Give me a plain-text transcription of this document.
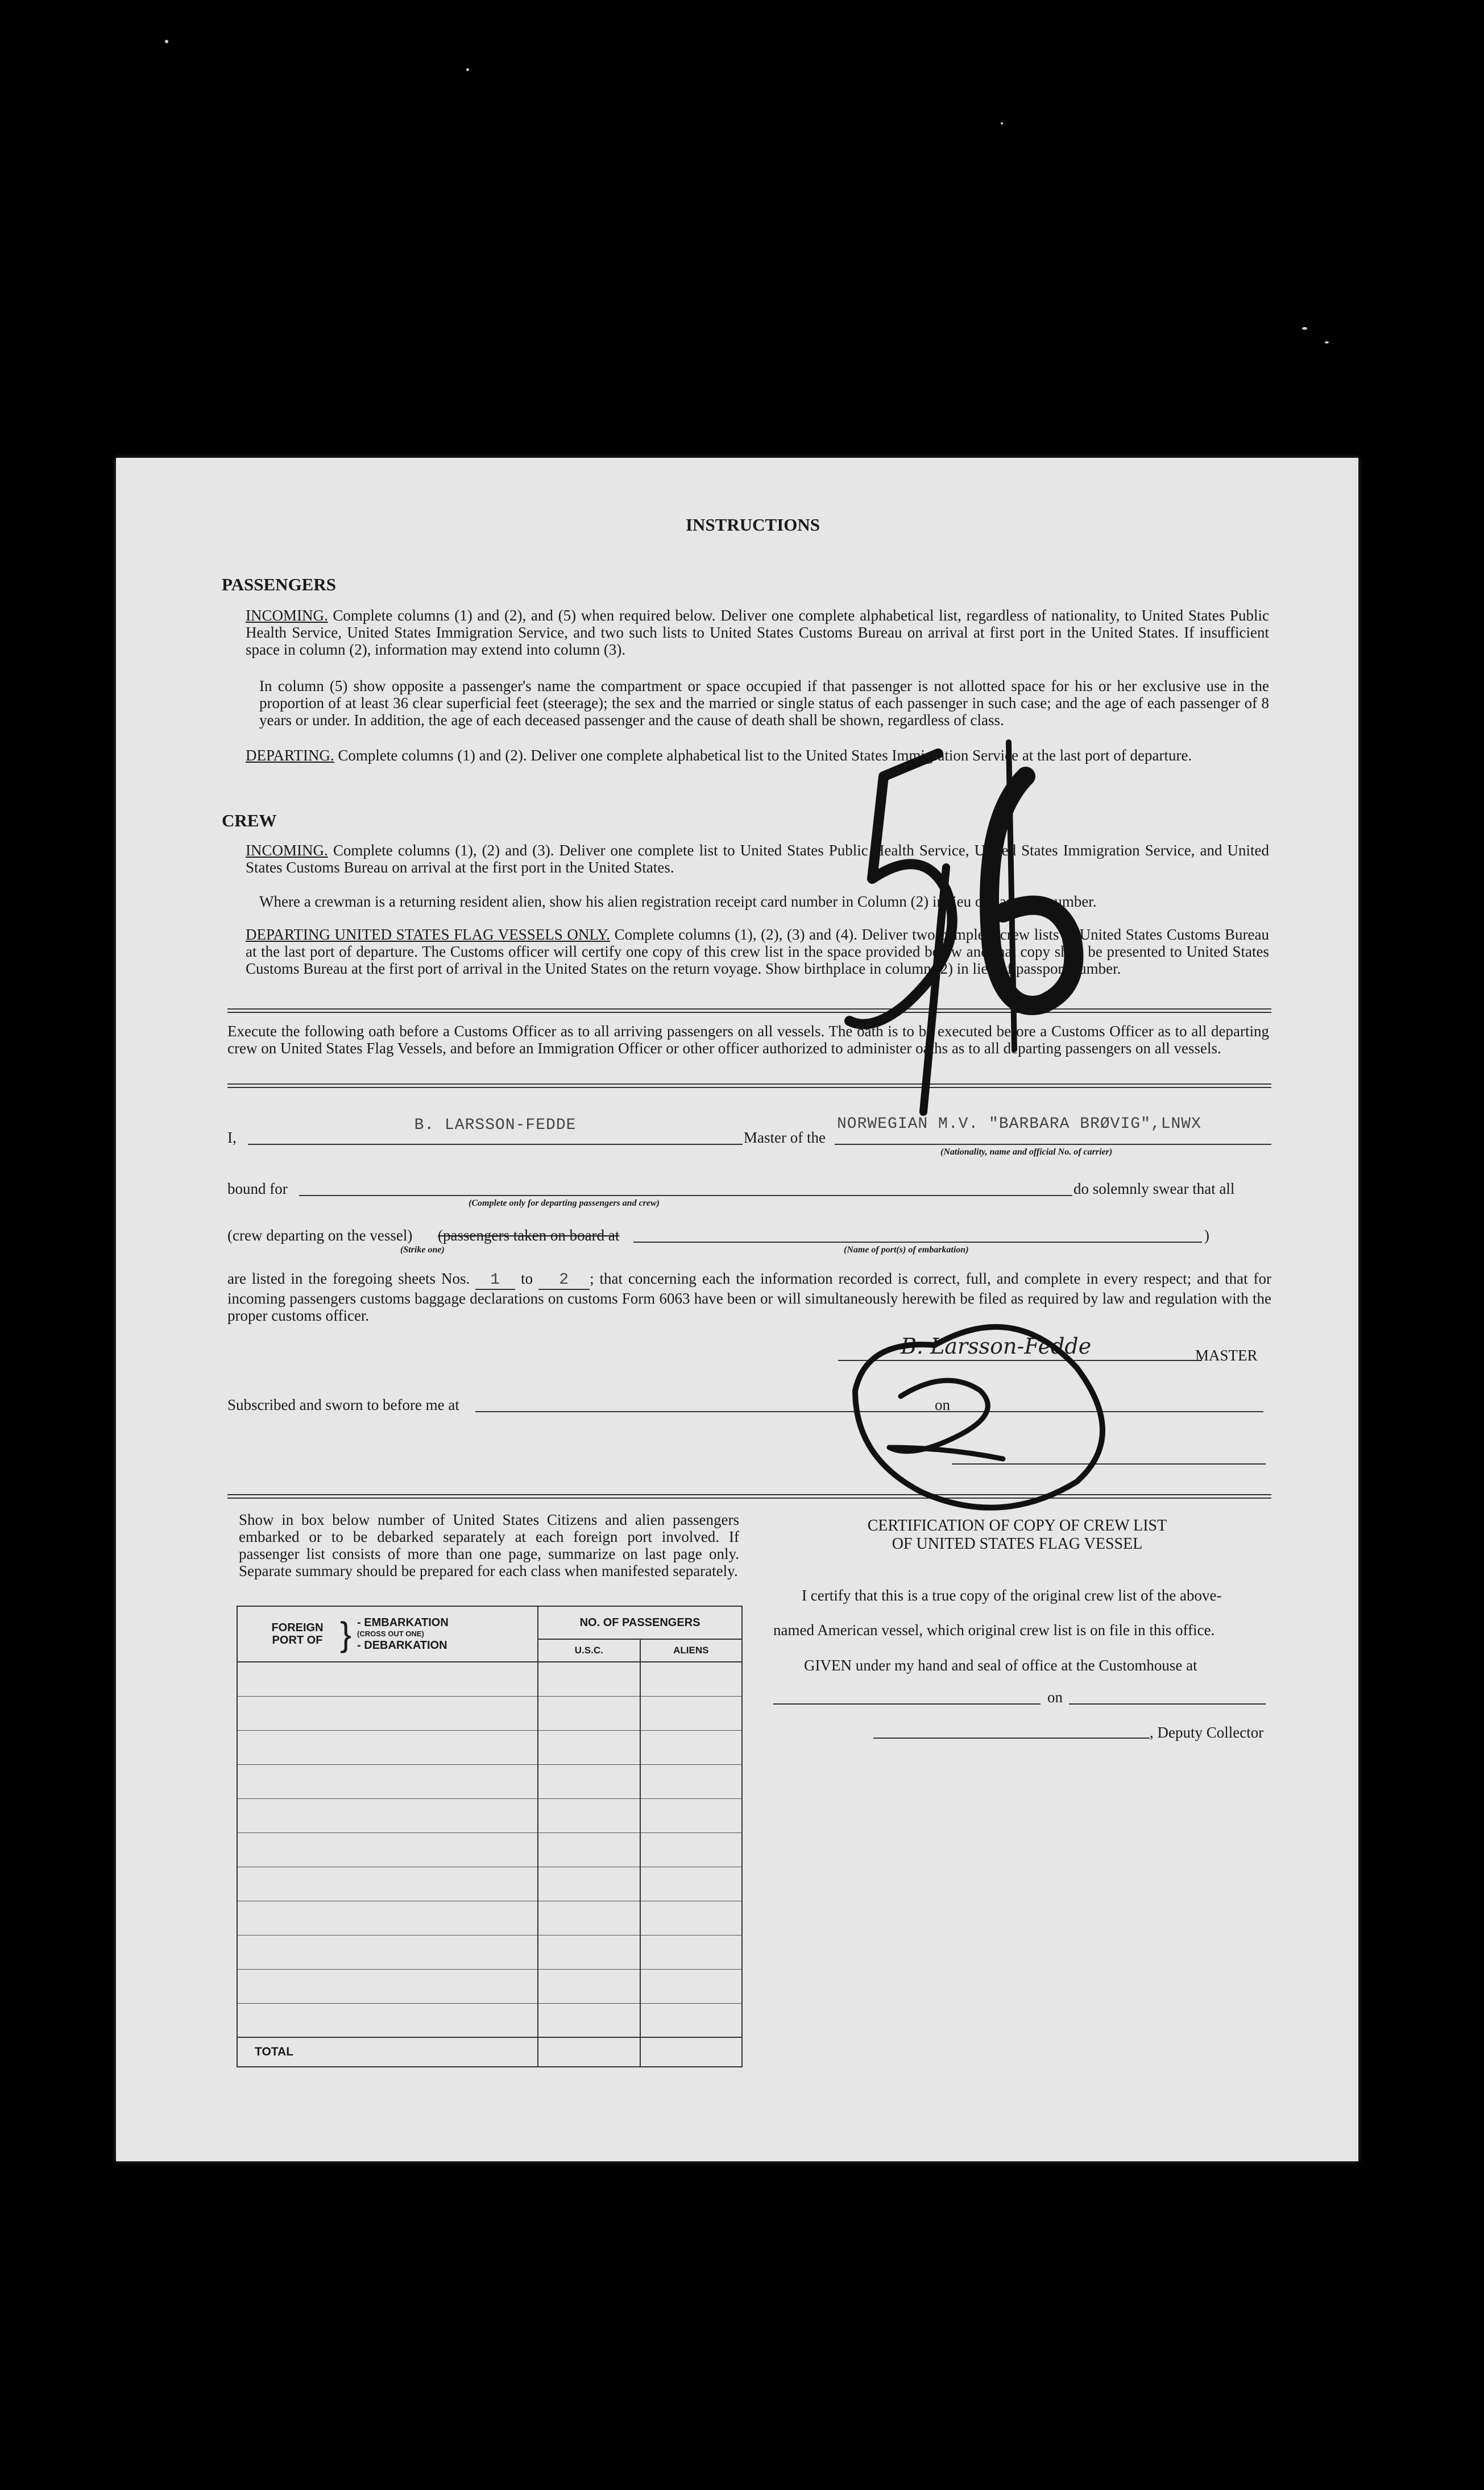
INSTRUCTIONS
PASSENGERS
INCOMING. Complete columns (1) and (2), and (5) when required below. Deliver one complete alphabetical list, regardless of nationality, to United States Public Health Service, United States Immigration Service, and two such lists to United States Customs Bureau on arrival at first port in the United States. If insufficient space in column (2), information may extend into column (3).
In column (5) show opposite a passenger's name the compartment or space occupied if that passenger is not allotted space for his or her exclusive use in the proportion of at least 36 clear superficial feet (steerage); the sex and the married or single status of each passenger in such case; and the age of each passenger of 8 years or under. In addition, the age of each deceased passenger and the cause of death shall be shown, regardless of class.
DEPARTING. Complete columns (1) and (2). Deliver one complete alphabetical list to the United States Immigration Service at the last port of departure.
CREW
INCOMING. Complete columns (1), (2) and (3). Deliver one complete list to United States Public Health Service, United States Immigration Service, and United States Customs Bureau on arrival at the first port in the United States.
Where a crewman is a returning resident alien, show his alien registration receipt card number in Column (2) in lieu of passport number.
DEPARTING UNITED STATES FLAG VESSELS ONLY. Complete columns (1), (2), (3) and (4). Deliver two complete crew lists to United States Customs Bureau at the last port of departure. The Customs officer will certify one copy of this crew list in the space provided below and that copy shall be presented to United States Customs Bureau at the first port of arrival in the United States on the return voyage. Show birthplace in column (2) in lieu of passport number.
Execute the following oath before a Customs Officer as to all arriving passengers on all vessels. The oath is to be executed before a Customs Officer as to all departing crew on United States Flag Vessels, and before an Immigration Officer or other officer authorized to administer oaths as to all departing passengers on all vessels.
I,
B. LARSSON-FEDDE
Master of the
NORWEGIAN M.V. "BARBARA BRØVIG",LNWX
(Nationality, name and official No. of carrier)
bound for
(Complete only for departing passengers and crew)
do solemnly swear that all
(crew departing on the vessel) (passengers taken on board at	)
(Strike one)	(Name of port(s) of embarkation)
are listed in the foregoing sheets Nos. 1 to 2 ; that concerning each the information recorded is correct, full, and complete in every respect; and that for incoming passengers customs baggage declarations on customs Form 6063 have been or will simultaneously herewith be filed as required by law and regulation with the proper customs officer.
B. Larsson-Fedde	MASTER
Subscribed and sworn to before me at	on
Show in box below number of United States Citizens and alien passengers embarked or to be debarked separately at each foreign port involved. If passenger list consists of more than one page, summarize on last page only. Separate summary should be prepared for each class when manifested separately.
FOREIGN PORT OF } - EMBARKATION
(CROSS OUT ONE)
- DEBARKATION	NO. OF PASSENGERS	
	U.S.C.	ALIENS

TOTAL		
CERTIFICATION OF COPY OF CREW LIST
OF UNITED STATES FLAG VESSEL
I certify that this is a true copy of the original crew list of the above-
named American vessel, which original crew list is on file in this office.
GIVEN under my hand and seal of office at the Customhouse at
on
, Deputy Collector
